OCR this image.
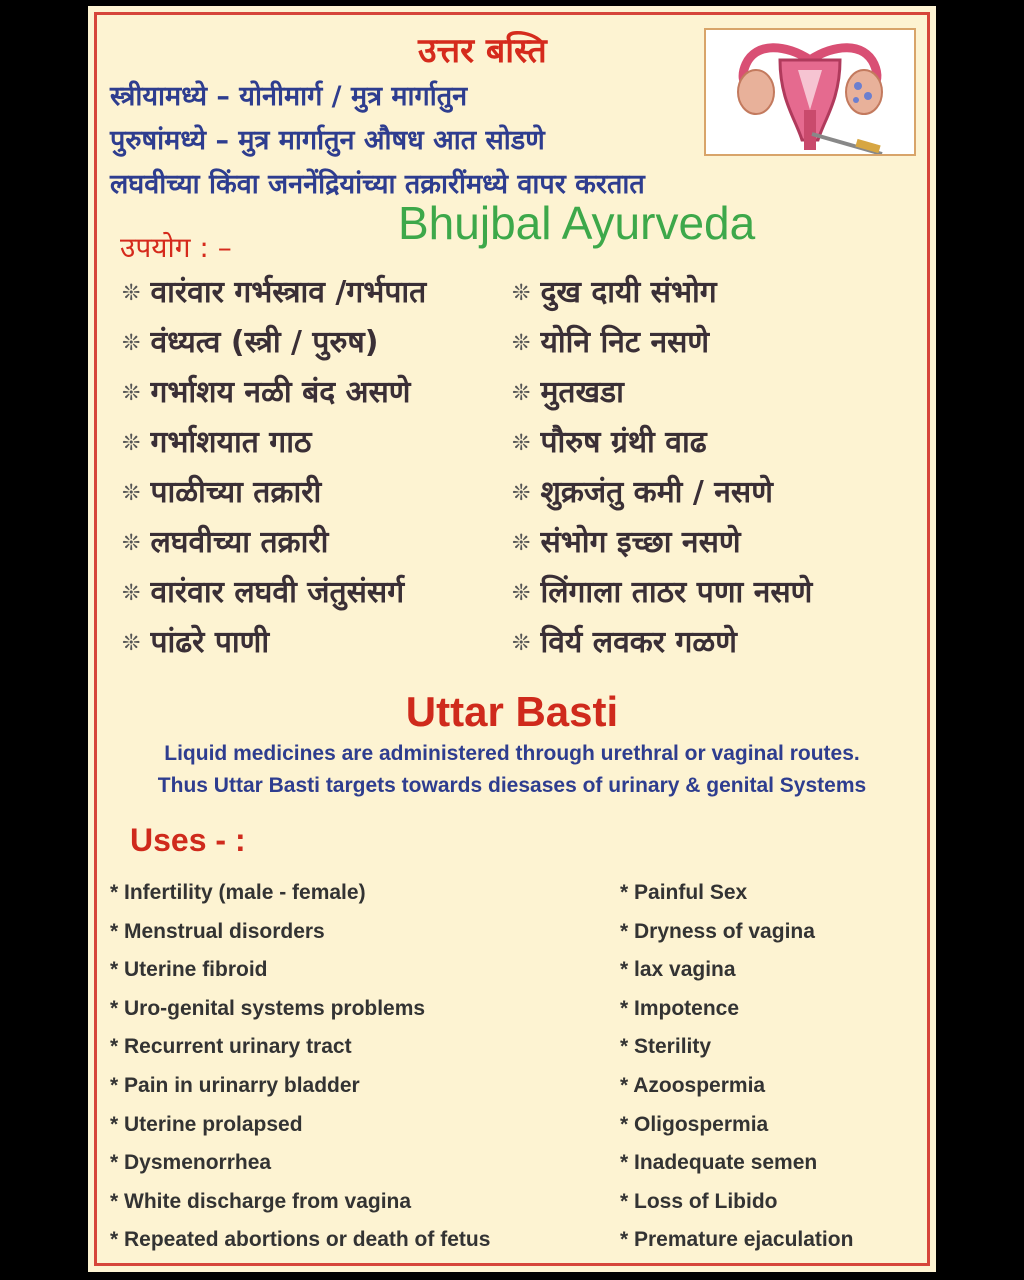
उत्तर बस्ति
स्त्रीयामध्ये – योनीमार्ग / मुत्र मार्गातुन
पुरुषांमध्ये – मुत्र मार्गातुन औषध आत सोडणे
लघवीच्या किंवा जननेंद्रियांच्या तक्रारींमध्ये वापर करतात
Bhujbal Ayurveda
उपयोग : –
❊ वारंवार गर्भस्त्राव /गर्भपात
❊ वंध्यत्व (स्त्री / पुरुष)
❊ गर्भाशय नळी बंद असणे
❊ गर्भाशयात गाठ
❊ पाळीच्या तक्रारी
❊ लघवीच्या तक्रारी
❊ वारंवार लघवी जंतुसंसर्ग
❊ पांढरे पाणी
❊ दुख दायी संभोग
❊ योनि निट नसणे
❊ मुतखडा
❊ पौरुष ग्रंथी वाढ
❊ शुक्रजंतु कमी / नसणे
❊ संभोग इच्छा नसणे
❊ लिंगाला ताठर पणा नसणे
❊ विर्य लवकर गळणे
Uttar Basti
Liquid medicines are administered through urethral or vaginal routes.
Thus Uttar Basti targets towards diesases of urinary & genital Systems
Uses - :
* Infertility (male - female)
* Menstrual disorders
* Uterine fibroid
* Uro-genital systems problems
* Recurrent urinary tract
* Pain in urinarry bladder
* Uterine prolapsed
* Dysmenorrhea
* White discharge from vagina
* Repeated abortions or death of fetus
* Painful Sex
* Dryness of vagina
* lax vagina
* Impotence
* Sterility
* Azoospermia
* Oligospermia
* Inadequate semen
* Loss of Libido
* Premature ejaculation
